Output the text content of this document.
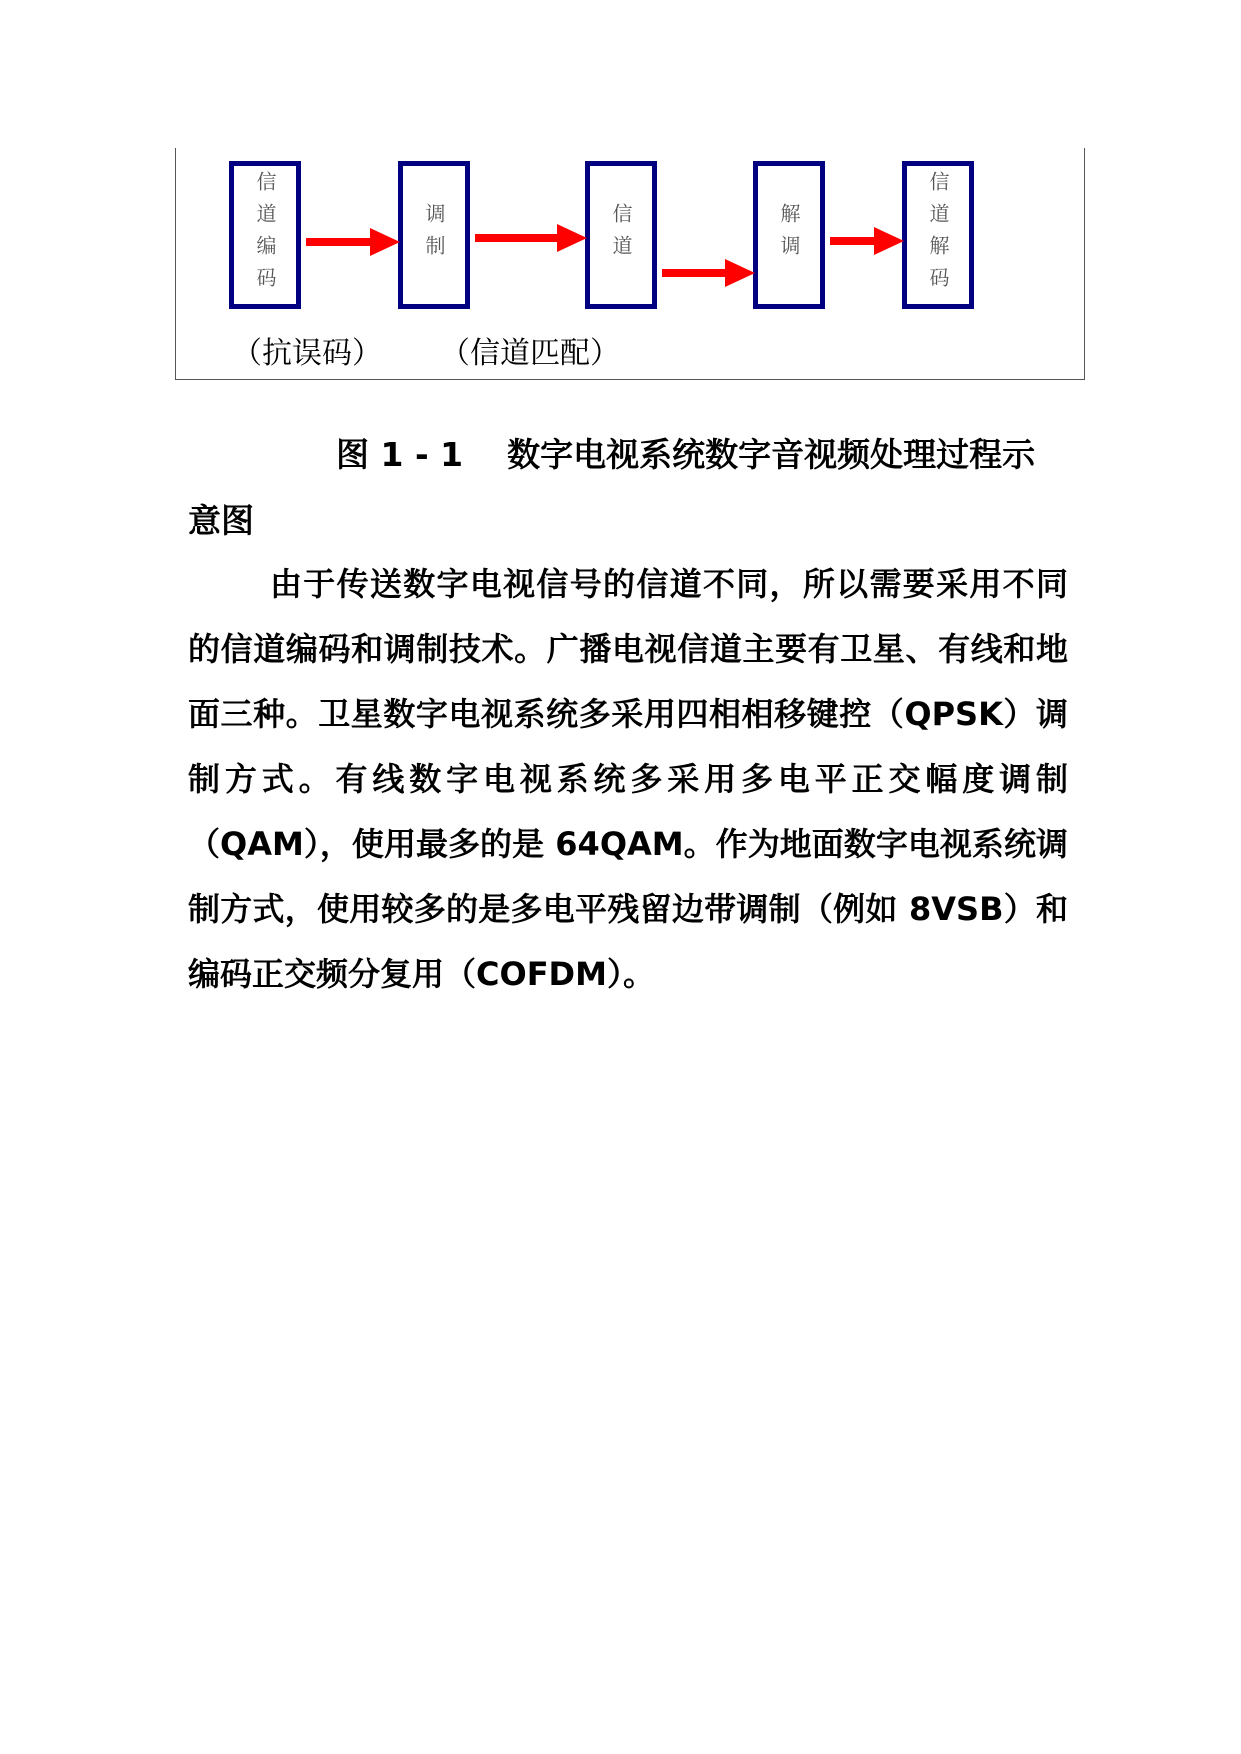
信道编码	调制	信道	解调	信道解码
（抗误码） （信道匹配）

图 1 - 1 数字电视系统数字音视频处理过程示意图

由于传送数字电视信号的信道不同，所以需要采用不同的信道编码和调制技术。广播电视信道主要有卫星、有线和地面三种。卫星数字电视系统多采用四相相移键控（QPSK）调制方式。有线数字电视系统多采用多电平正交幅度调制（QAM），使用最多的是 64QAM。作为地面数字电视系统调制方式，使用较多的是多电平残留边带调制（例如 8VSB）和编码正交频分复用（COFDM）。
